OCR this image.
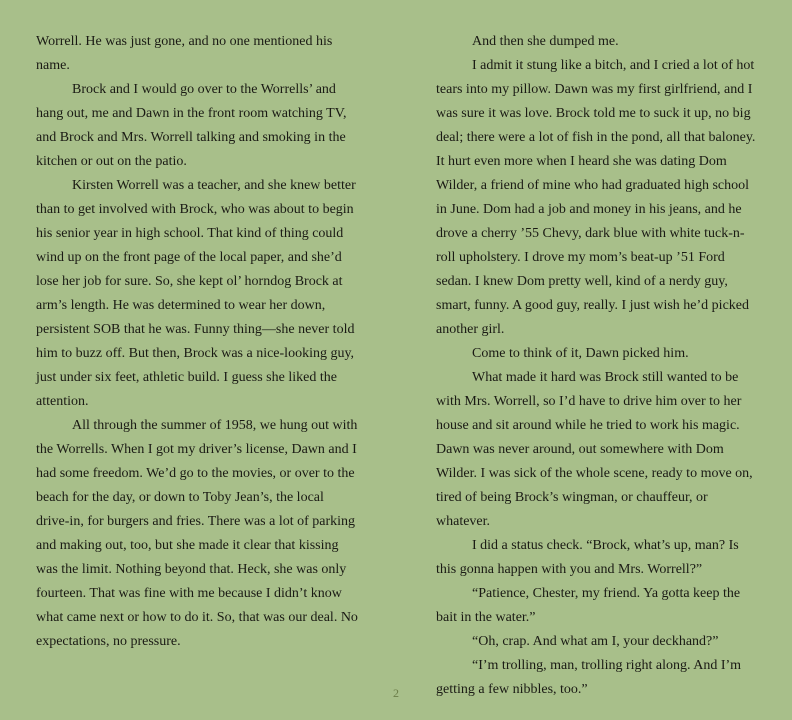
Worrell. He was just gone, and no one mentioned his name.

Brock and I would go over to the Worrells’ and hang out, me and Dawn in the front room watching TV, and Brock and Mrs. Worrell talking and smoking in the kitchen or out on the patio.

Kirsten Worrell was a teacher, and she knew better than to get involved with Brock, who was about to begin his senior year in high school. That kind of thing could wind up on the front page of the local paper, and she’d lose her job for sure. So, she kept ol’ horndog Brock at arm’s length. He was determined to wear her down, persistent SOB that he was. Funny thing—she never told him to buzz off. But then, Brock was a nice-looking guy, just under six feet, athletic build. I guess she liked the attention.

All through the summer of 1958, we hung out with the Worrells. When I got my driver’s license, Dawn and I had some freedom. We’d go to the movies, or over to the beach for the day, or down to Toby Jean’s, the local drive-in, for burgers and fries. There was a lot of parking and making out, too, but she made it clear that kissing was the limit. Nothing beyond that. Heck, she was only fourteen. That was fine with me because I didn’t know what came next or how to do it. So, that was our deal. No expectations, no pressure.

And then she dumped me.

I admit it stung like a bitch, and I cried a lot of hot tears into my pillow. Dawn was my first girlfriend, and I was sure it was love. Brock told me to suck it up, no big deal; there were a lot of fish in the pond, all that baloney. It hurt even more when I heard she was dating Dom Wilder, a friend of mine who had graduated high school in June. Dom had a job and money in his jeans, and he drove a cherry ’55 Chevy, dark blue with white tuck-n-roll upholstery. I drove my mom’s beat-up ’51 Ford sedan. I knew Dom pretty well, kind of a nerdy guy, smart, funny. A good guy, really. I just wish he’d picked another girl.

Come to think of it, Dawn picked him.

What made it hard was Brock still wanted to be with Mrs. Worrell, so I’d have to drive him over to her house and sit around while he tried to work his magic. Dawn was never around, out somewhere with Dom Wilder. I was sick of the whole scene, ready to move on, tired of being Brock’s wingman, or chauffeur, or whatever.

I did a status check. “Brock, what’s up, man? Is this gonna happen with you and Mrs. Worrell?”

“Patience, Chester, my friend. Ya gotta keep the bait in the water.”

“Oh, crap. And what am I, your deckhand?”

“I’m trolling, man, trolling right along. And I’m getting a few nibbles, too.”

2
